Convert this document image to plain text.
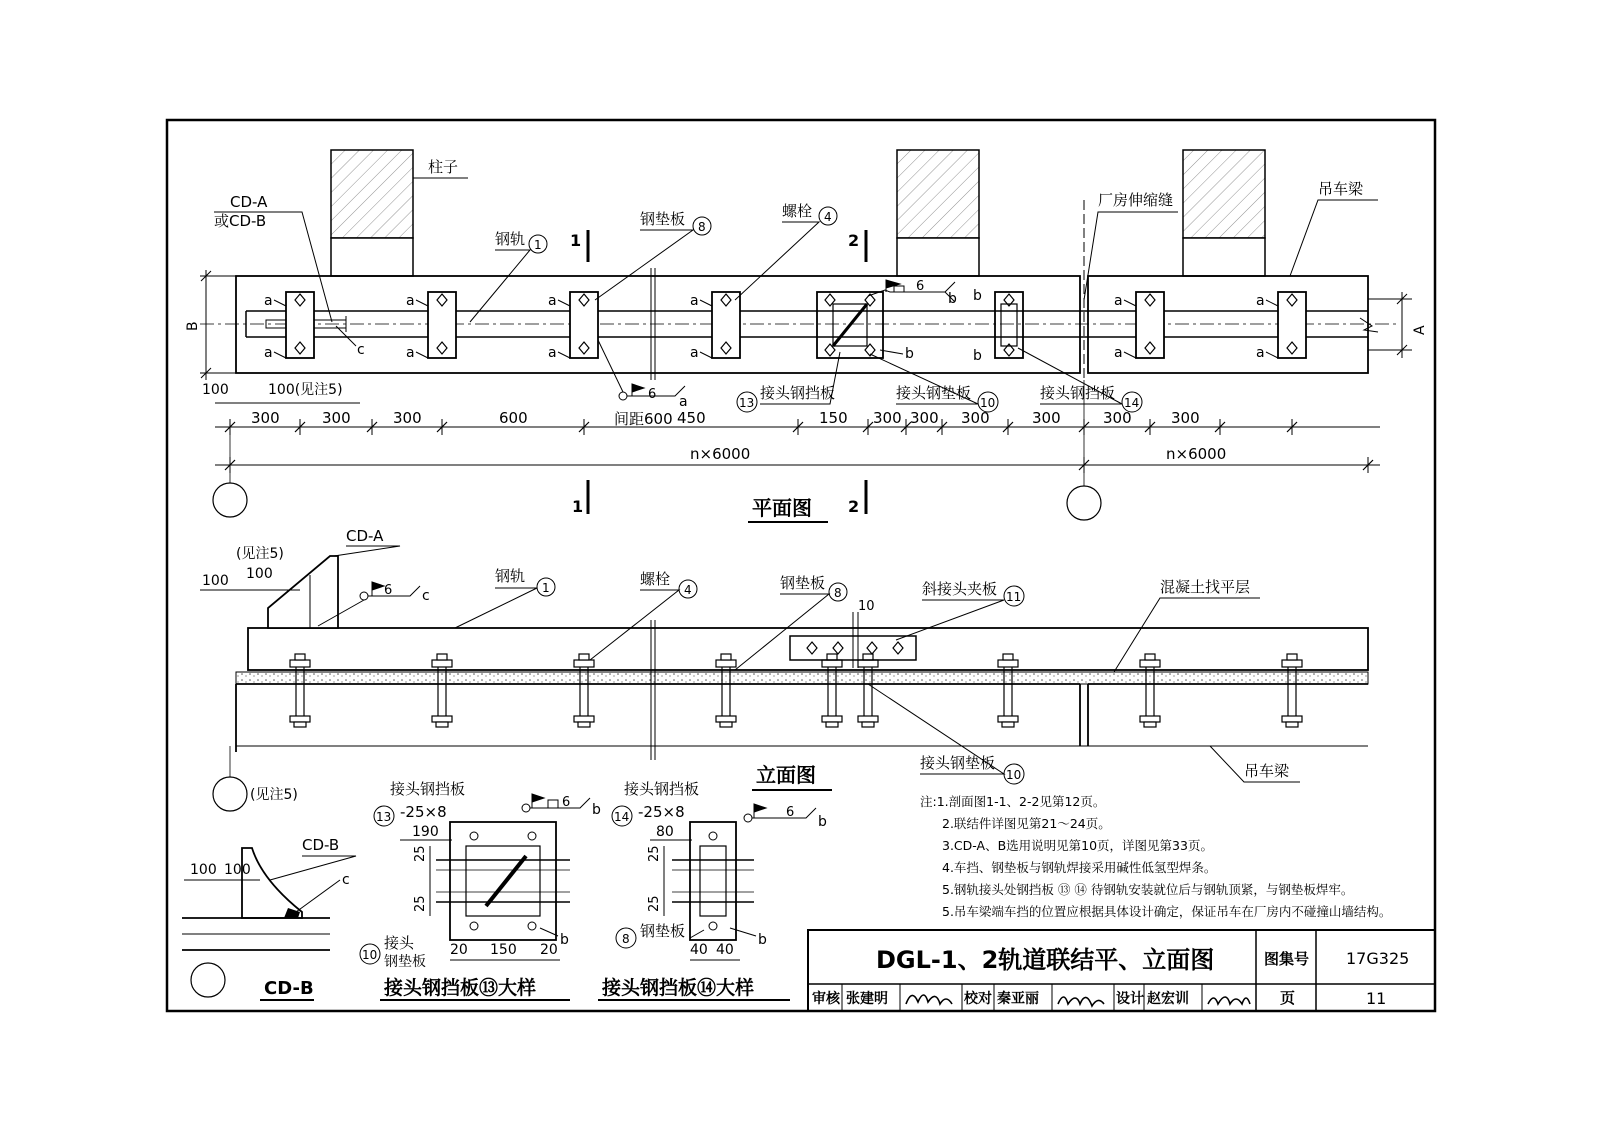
a
a
a
a
a
a
a
a
a
a
a
a
柱子
CD-A
或CD-B
c
钢轨 1 1	2
钢垫板 8
螺栓 4
厂房伸缩缝
吊车梁
6
b
b
b
b
6 a
间距600
13
接头钢挡板	接头钢垫板
10
接头钢挡板
14
B	A
100	100(见注5)
300	300	300	600	450	150 300 300 300	300	300	300
n×6000	n×6000
1	2
平面图
(见注5)
100 100
CD-A
6 c
钢轨
1	螺栓
4	钢垫板
8
10
斜接头夹板 11
混凝土找平层
接头钢垫板
10	吊车梁
(见注5)
立面图
100 100
CD-B
c
10
接头
钢垫板
CD-B
接头钢挡板
13 -25×8
190
25
25
20 150 20
6 b
b
接头钢挡板⑬大样
接头钢挡板
14 -25×8
80
25
25
40 40
8 钢垫板
6
b
b
接头钢挡板⑭大样
注:1.剖面图1-1、2-2见第12页。
2.联结件详图见第21～24页。
3.CD-A、B选用说明见第10页，详图见第33页。
4.车挡、钢垫板与钢轨焊接采用碱性低氢型焊条。
5.钢轨接头处钢挡板 ⑬ ⑭ 待钢轨安装就位后与钢轨顶紧，与钢垫板焊牢。
5.吊车梁端车挡的位置应根据具体设计确定，保证吊车在厂房内不碰撞山墙结构。
DGL-1、2轨道联结平、立面图	图集号 17G325
审核 张建明	校对 秦亚丽	设计 赵宏训	页	11
